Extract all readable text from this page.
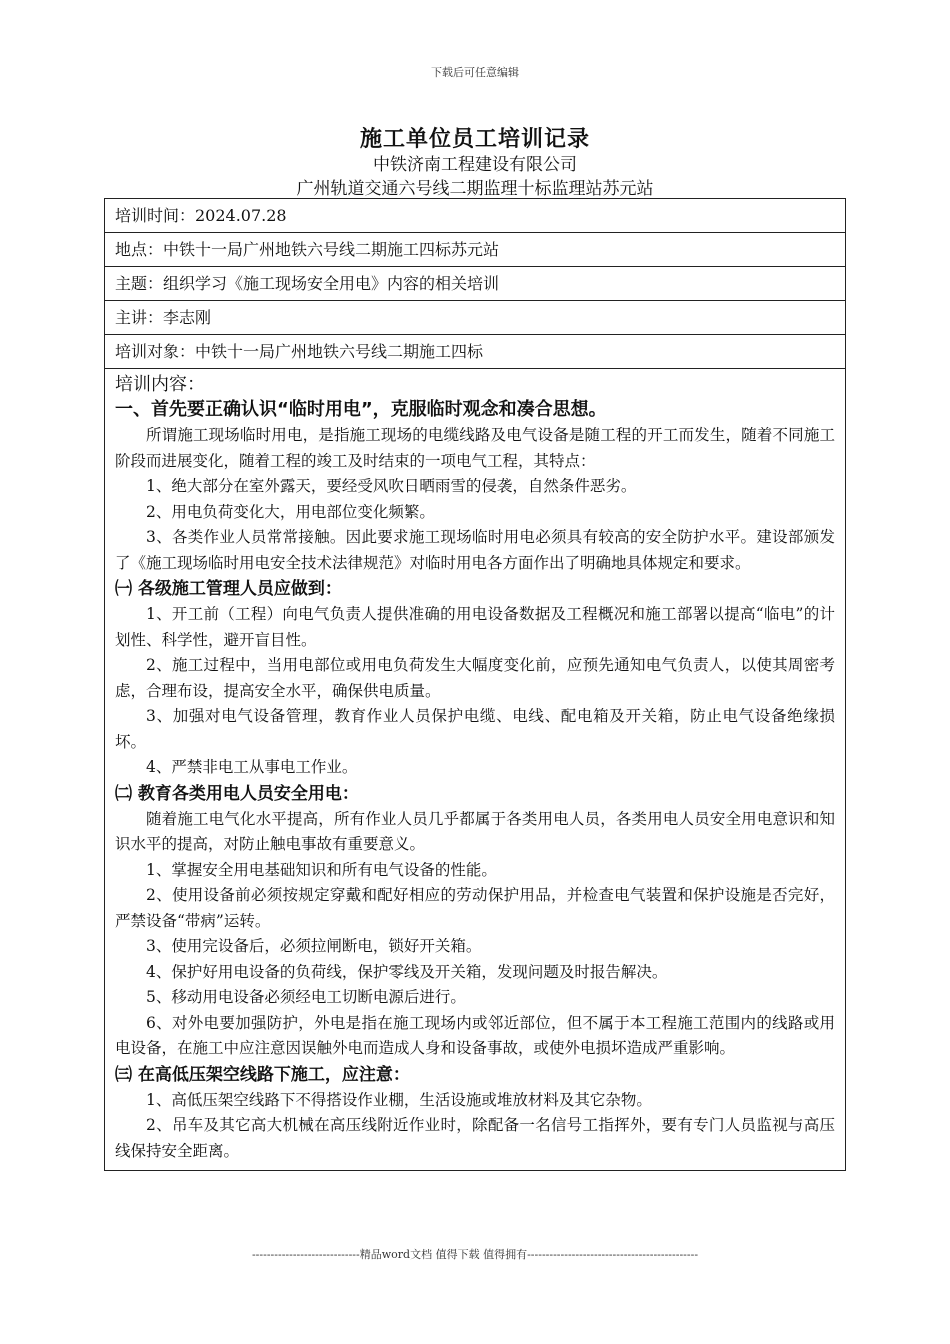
下载后可任意编辑
施工单位员工培训记录
中铁济南工程建设有限公司
广州轨道交通六号线二期监理十标监理站苏元站
培训时间：2024.07.28
地点：中铁十一局广州地铁六号线二期施工四标苏元站
主题：组织学习《施工现场安全用电》内容的相关培训
主讲：李志刚
培训对象：中铁十一局广州地铁六号线二期施工四标
培训内容：
一、首先要正确认识“临时用电”，克服临时观念和凑合思想。
所谓施工现场临时用电，是指施工现场的电缆线路及电气设备是随工程的开工而发生，随着不同施工阶段而进展变化，随着工程的竣工及时结束的一项电气工程，其特点：
1、绝大部分在室外露天，要经受风吹日晒雨雪的侵袭，自然条件恶劣。
2、用电负荷变化大，用电部位变化频繁。
3、各类作业人员常常接触。因此要求施工现场临时用电必须具有较高的安全防护水平。建设部颁发了《施工现场临时用电安全技术法律规范》对临时用电各方面作出了明确地具体规定和要求。
㈠ 各级施工管理人员应做到：
1、开工前（工程）向电气负责人提供准确的用电设备数据及工程概况和施工部署以提高“临电”的计划性、科学性，避开盲目性。
2、施工过程中，当用电部位或用电负荷发生大幅度变化前，应预先通知电气负责人，以使其周密考虑，合理布设，提高安全水平，确保供电质量。
3、加强对电气设备管理，教育作业人员保护电缆、电线、配电箱及开关箱，防止电气设备绝缘损坏。
4、严禁非电工从事电工作业。
㈡ 教育各类用电人员安全用电：
随着施工电气化水平提高，所有作业人员几乎都属于各类用电人员，各类用电人员安全用电意识和知识水平的提高，对防止触电事故有重要意义。
1、掌握安全用电基础知识和所有电气设备的性能。
2、使用设备前必须按规定穿戴和配好相应的劳动保护用品，并检查电气装置和保护设施是否完好，严禁设备“带病”运转。
3、使用完设备后，必须拉闸断电，锁好开关箱。
4、保护好用电设备的负荷线，保护零线及开关箱，发现问题及时报告解决。
5、移动用电设备必须经电工切断电源后进行。
6、对外电要加强防护，外电是指在施工现场内或邻近部位，但不属于本工程施工范围内的线路或用电设备，在施工中应注意因误触外电而造成人身和设备事故，或使外电损坏造成严重影响。
㈢ 在高低压架空线路下施工，应注意：
1、高低压架空线路下不得搭设作业棚，生活设施或堆放材料及其它杂物。
2、吊车及其它高大机械在高压线附近作业时，除配备一名信号工指挥外，要有专门人员监视与高压线保持安全距离。
-----------------------------精品word文档 值得下载 值得拥有----------------------------------------------
